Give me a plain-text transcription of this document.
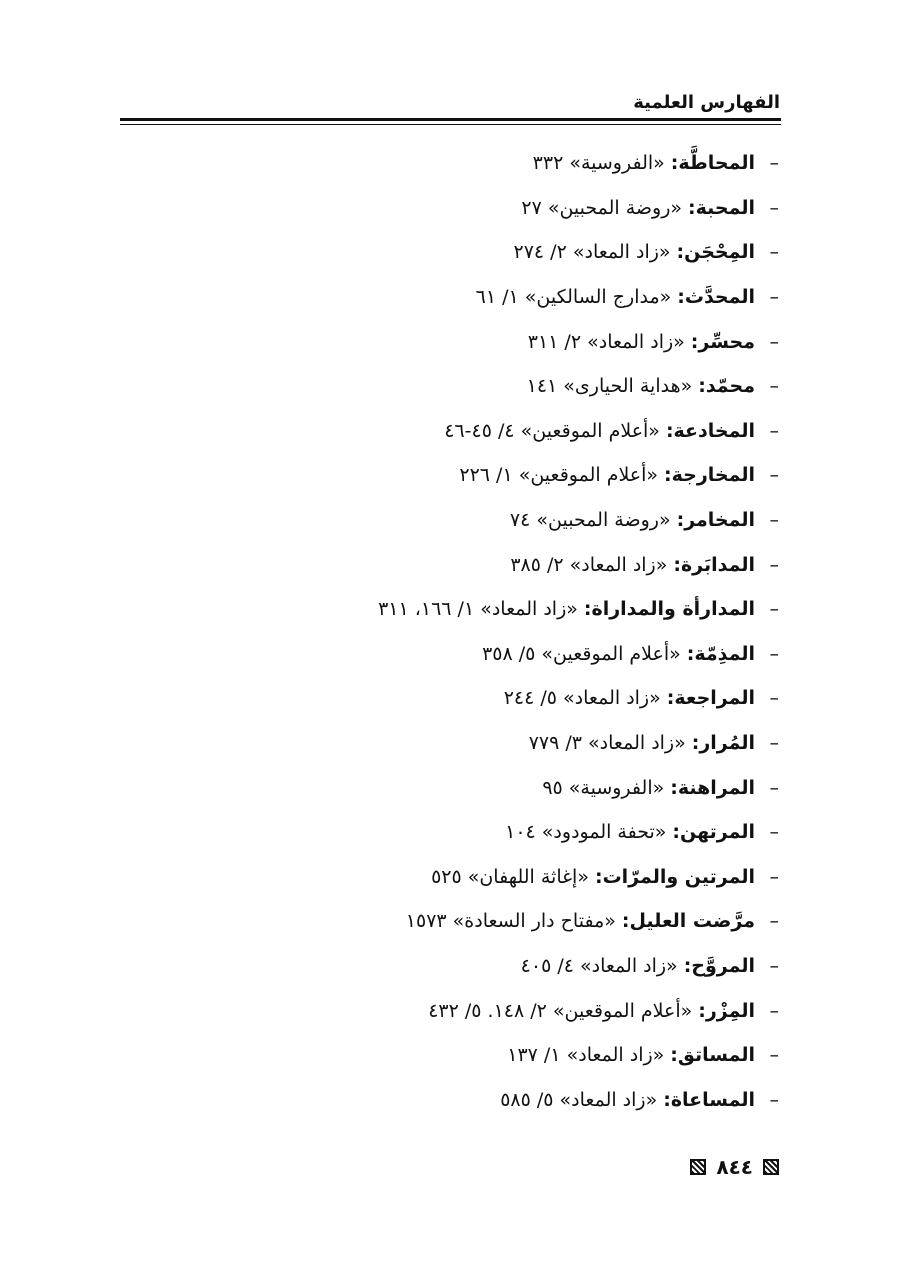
الفهارس العلمية
–
المحاطَّة:
«الفروسية» ٣٣٢
–
المحبة:
«روضة المحبين» ٢٧
–
المِحْجَن:
«زاد المعاد» ٢/ ٢٧٤
–
المحدَّث:
«مدارج السالكين» ١/ ٦١
–
محسِّر:
«زاد المعاد» ٢/ ٣١١
–
محمّد:
«هداية الحيارى» ١٤١
–
المخادعة:
«أعلام الموقعين» ٤/ ٤٥-٤٦
–
المخارجة:
«أعلام الموقعين» ١/ ٢٢٦
–
المخامر:
«روضة المحبين» ٧٤
–
المدابَرة:
«زاد المعاد» ٢/ ٣٨٥
–
المدارأة والمداراة:
«زاد المعاد» ١/ ١٦٦، ٣١١
–
المذِمّة:
«أعلام الموقعين» ٥/ ٣٥٨
–
المراجعة:
«زاد المعاد» ٥/ ٢٤٤
–
المُرار:
«زاد المعاد» ٣/ ٧٧٩
–
المراهنة:
«الفروسية» ٩٥
–
المرتهن:
«تحفة المودود» ١٠٤
–
المرتين والمرّات:
«إغاثة اللهفان» ٥٢٥
–
مرَّضت العليل:
«مفتاح دار السعادة» ١٥٧٣
–
المروَّح:
«زاد المعاد» ٤/ ٤٠٥
–
المِزْر:
«أعلام الموقعين» ٢/ ١٤٨. ٥/ ٤٣٢
–
المساتق:
«زاد المعاد» ١/ ١٣٧
–
المساعاة:
«زاد المعاد» ٥/ ٥٨٥
٨٤٤
